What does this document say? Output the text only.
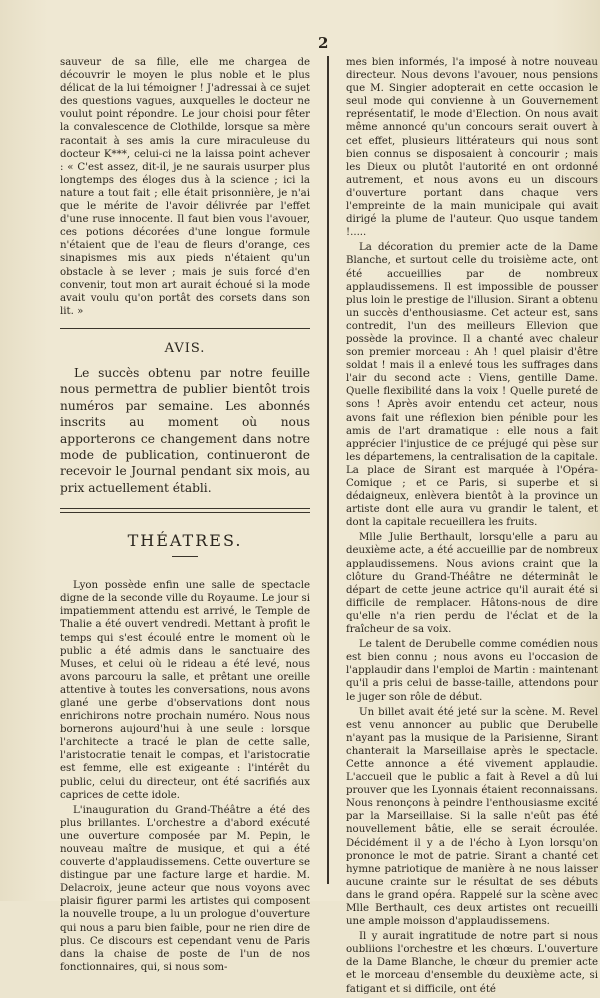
2

sauveur de sa fille, elle me chargea de découvrir le moyen le plus noble et le plus délicat de la lui témoigner ! J'adressai à ce sujet des questions vagues, auxquelles le docteur ne voulut point répondre. Le jour choisi pour fêter la convalescence de Clothilde, lorsque sa mère racontait à ses amis la cure miraculeuse du docteur K***, celui-ci ne la laissa point achever : « C'est assez, dit-il, je ne saurais usurper plus longtemps des éloges dus à la science ; ici la nature a tout fait ; elle était prisonnière, je n'ai que le mérite de l'avoir délivrée par l'effet d'une ruse innocente. Il faut bien vous l'avouer, ces potions décorées d'une longue formule n'étaient que de l'eau de fleurs d'orange, ces sinapismes mis aux pieds n'étaient qu'un obstacle à se lever ; mais je suis forcé d'en convenir, tout mon art aurait échoué si la mode avait voulu qu'on portât des corsets dans son lit. »

AVIS.

Le succès obtenu par notre feuille nous permettra de publier bientôt trois numéros par semaine. Les abonnés inscrits au moment où nous apporterons ce changement dans notre mode de publication, continueront de recevoir le Journal pendant six mois, au prix actuellement établi.

THÉATRES.

Lyon possède enfin une salle de spectacle digne de la seconde ville du Royaume. Le jour si impatiemment attendu est arrivé, le Temple de Thalie a été ouvert vendredi. Mettant à profit le temps qui s'est écoulé entre le moment où le public a été admis dans le sanctuaire des Muses, et celui où le rideau a été levé, nous avons parcouru la salle, et prêtant une oreille attentive à toutes les conversations, nous avons glané une gerbe d'observations dont nous enrichirons notre prochain numéro. Nous nous bornerons aujourd'hui à une seule : lorsque l'architecte a tracé le plan de cette salle, l'aristocratie tenait le compas, et l'aristocratie est femme, elle est exigeante : l'intérêt du public, celui du directeur, ont été sacrifiés aux caprices de cette idole.

L'inauguration du Grand-Théâtre a été des plus brillantes. L'orchestre a d'abord exécuté une ouverture composée par M. Pepin, le nouveau maître de musique, et qui a été couverte d'applaudissemens. Cette ouverture se distingue par une facture large et hardie. M. Delacroix, jeune acteur que nous voyons avec plaisir figurer parmi les artistes qui composent la nouvelle troupe, a lu un prologue d'ouverture qui nous a paru bien faible, pour ne rien dire de plus. Ce discours est cependant venu de Paris dans la chaise de poste de l'un de nos fonctionnaires, qui, si nous som-

mes bien informés, l'a imposé à notre nouveau directeur. Nous devons l'avouer, nous pensions que M. Singier adopterait en cette occasion le seul mode qui convienne à un Gouvernement représentatif, le mode d'Election. On nous avait même annoncé qu'un concours serait ouvert à cet effet, plusieurs littérateurs qui nous sont bien connus se disposaient à concourir ; mais les Dieux ou plutôt l'autorité en ont ordonné autrement, et nous avons eu un discours d'ouverture portant dans chaque vers l'empreinte de la main municipale qui avait dirigé la plume de l'auteur. Quo usque tandem !.....

La décoration du premier acte de la Dame Blanche, et surtout celle du troisième acte, ont été accueillies par de nombreux applaudissemens. Il est impossible de pousser plus loin le prestige de l'illusion. Sirant a obtenu un succès d'enthousiasme. Cet acteur est, sans contredit, l'un des meilleurs Ellevion que possède la province. Il a chanté avec chaleur son premier morceau : Ah ! quel plaisir d'être soldat ! mais il a enlevé tous les suffrages dans l'air du second acte : Viens, gentille Dame. Quelle flexibilité dans la voix ! Quelle pureté de sons ! Après avoir entendu cet acteur, nous avons fait une réflexion bien pénible pour les amis de l'art dramatique : elle nous a fait apprécier l'injustice de ce préjugé qui pèse sur les départemens, la centralisation de la capitale. La place de Sirant est marquée à l'Opéra-Comique ; et ce Paris, si superbe et si dédaigneux, enlèvera bientôt à la province un artiste dont elle aura vu grandir le talent, et dont la capitale recueillera les fruits.

Mlle Julie Berthault, lorsqu'elle a paru au deuxième acte, a été accueillie par de nombreux applaudissemens. Nous avions craint que la clôture du Grand-Théâtre ne déterminât le départ de cette jeune actrice qu'il aurait été si difficile de remplacer. Hâtons-nous de dire qu'elle n'a rien perdu de l'éclat et de la fraîcheur de sa voix.

Le talent de Derubelle comme comédien nous est bien connu ; nous avons eu l'occasion de l'applaudir dans l'emploi de Martin : maintenant qu'il a pris celui de basse-taille, attendons pour le juger son rôle de début.

Un billet avait été jeté sur la scène. M. Revel est venu annoncer au public que Derubelle n'ayant pas la musique de la Parisienne, Sirant chanterait la Marseillaise après le spectacle. Cette annonce a été vivement applaudie. L'accueil que le public a fait à Revel a dû lui prouver que les Lyonnais étaient reconnaissans. Nous renonçons à peindre l'enthousiasme excité par la Marseillaise. Si la salle n'eût pas été nouvellement bâtie, elle se serait écroulée. Décidément il y a de l'écho à Lyon lorsqu'on prononce le mot de patrie. Sirant a chanté cet hymne patriotique de manière à ne nous laisser aucune crainte sur le résultat de ses débuts dans le grand opéra. Rappelé sur la scène avec Mlle Berthault, ces deux artistes ont recueilli une ample moisson d'applaudissemens.

Il y aurait ingratitude de notre part si nous oubliions l'orchestre et les chœurs. L'ouverture de la Dame Blanche, le chœur du premier acte et le morceau d'ensemble du deuxième acte, si fatigant et si difficile, ont été
